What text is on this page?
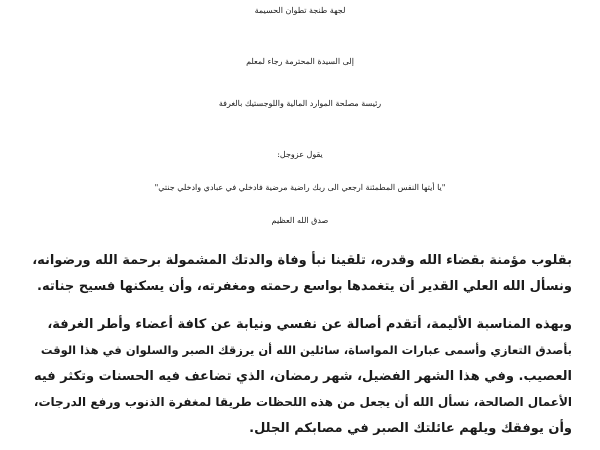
لجهة طنجة تطوان الحسيمة
إلى السيدة المحترمة رجاء لمعلم
رئيسة مصلحة الموارد المالية واللوجستيك بالغرفة
يقول عزوجل:
"يا أيتها النفس المطمئنة ارجعي الى ربك راضية مرضية فادخلي في عبادي وادخلي جنتي"
صدق الله العظيم
بقلوب مؤمنة بقضاء الله وقدره، تلقينا نبأ وفاة والدتك المشمولة برحمة الله ورضوانه،
ونسأل الله العلي القدير أن يتغمدها بواسع رحمته ومغفرته، وأن يسكنها فسيح جناته.
وبهذه المناسبة الأليمة، أتقدم أصالة عن نفسي ونيابة عن كافة أعضاء وأطر الغرفة،
بأصدق التعازي وأسمى عبارات المواساة، سائلين الله أن يرزقك الصبر والسلوان في هذا الوقت
العصيب. وفي هذا الشهر الفضيل، شهر رمضان، الذي تضاعف فيه الحسنات وتكثر فيه
الأعمال الصالحة، نسأل الله أن يجعل من هذه اللحظات طريقا لمغفرة الذنوب ورفع الدرجات،
وأن يوفقك ويلهم عائلتك الصبر في مصابكم الجلل.
